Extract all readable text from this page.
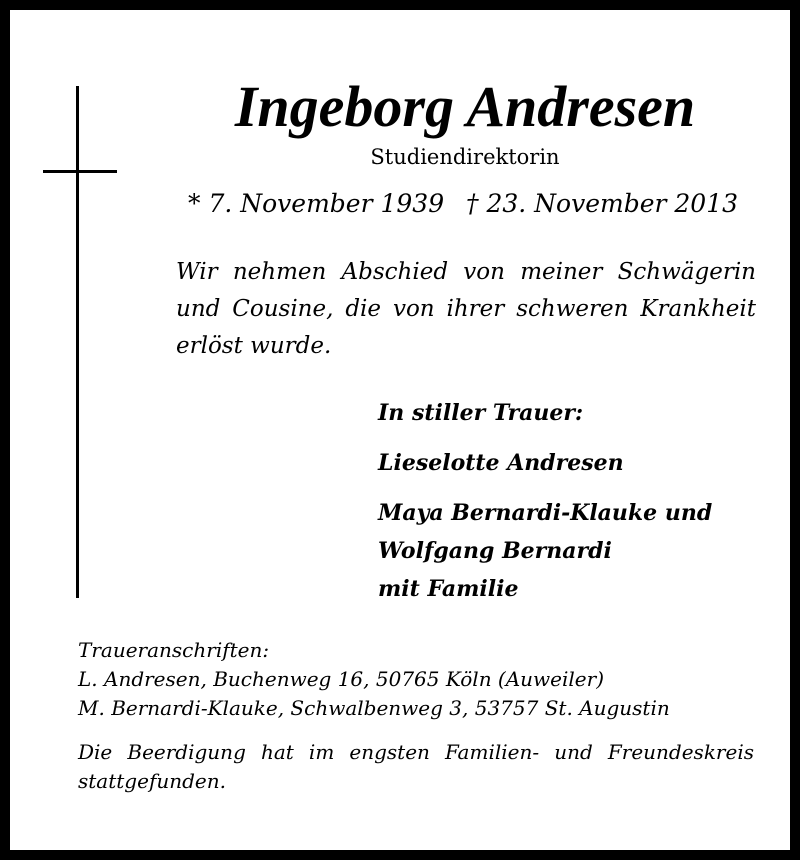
Ingeborg Andresen
Studiendirektorin
* 7. November 1939 † 23. November 2013
Wir nehmen Abschied von meiner Schwägerin
und Cousine, die von ihrer schweren Krankheit
erlöst wurde.
In stiller Trauer:
Lieselotte Andresen
Maya Bernardi-Klauke und
Wolfgang Bernardi
mit Familie
Traueranschriften:
L. Andresen, Buchenweg 16, 50765 Köln (Auweiler)
M. Bernardi-Klauke, Schwalbenweg 3, 53757 St. Augustin
Die Beerdigung hat im engsten Familien- und Freundeskreis
stattgefunden.
